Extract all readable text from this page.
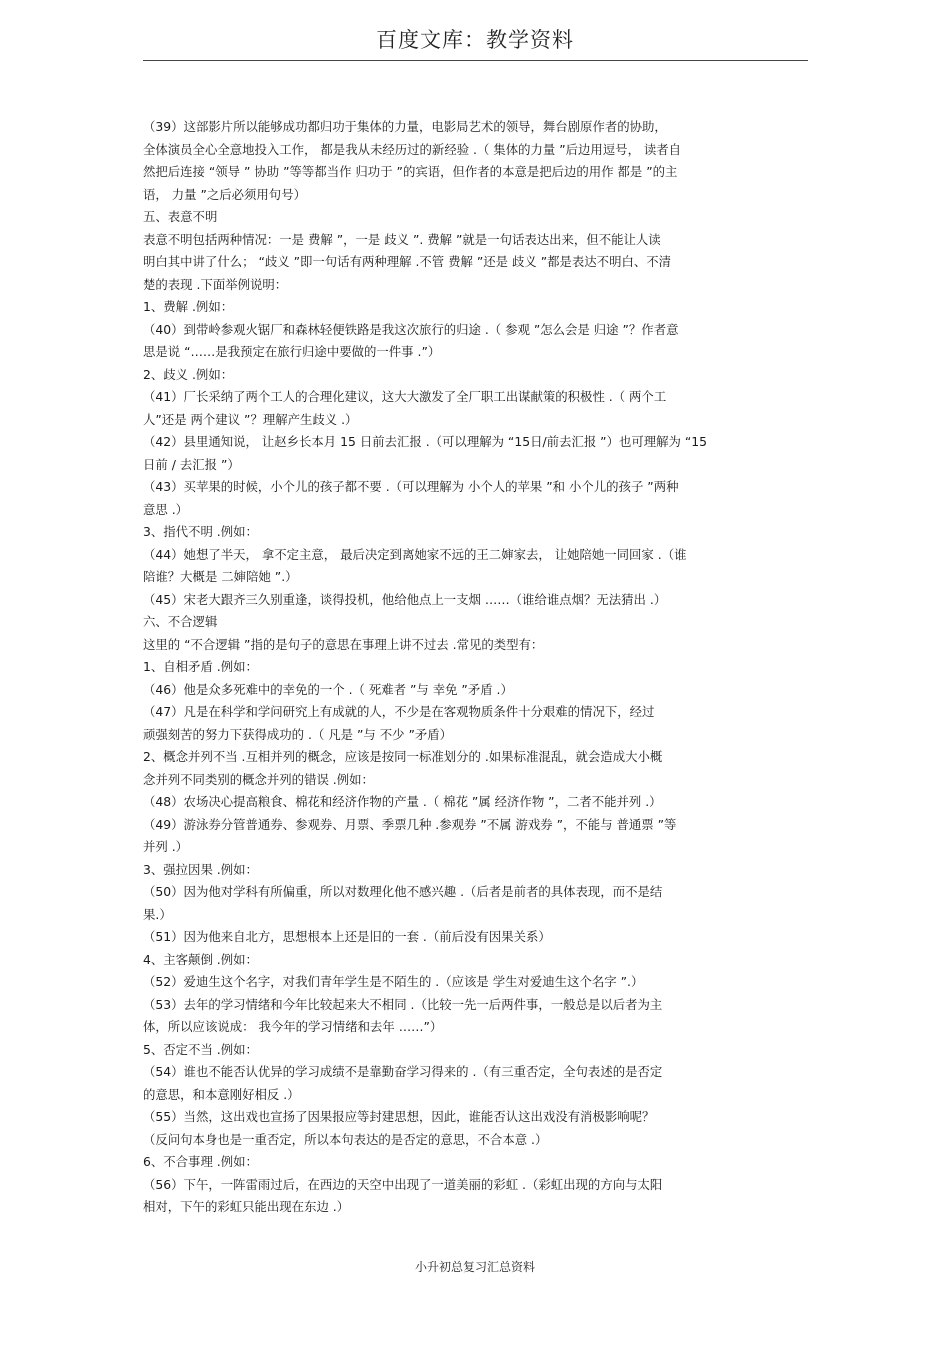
百度文库：教学资料
（39）这部影片所以能够成功都归功于集体的力量，电影局艺术的领导，舞台剧原作者的协助，
全体演员全心全意地投入工作， 都是我从未经历过的新经验 .（ 集体的力量 ”后边用逗号， 读者自
然把后连接 “领导 ” 协助 ”等等都当作 归功于 ”的宾语，但作者的本意是把后边的用作 都是 ”的主
语， 力量 ”之后必须用句号）
五、表意不明
表意不明包括两种情况：一是 费解 ”，一是 歧义 ”. 费解 ”就是一句话表达出来，但不能让人读
明白其中讲了什么； “歧义 ”即一句话有两种理解 .不管 费解 ”还是 歧义 ”都是表达不明白、不清
楚的表现 .下面举例说明：
1、费解 .例如：
（40）到带岭参观火锯厂和森林轻便铁路是我这次旅行的归途 .（ 参观 ”怎么会是 归途 ”？作者意
思是说 “……是我预定在旅行归途中要做的一件事 .”）
2、歧义 .例如：
（41）厂长采纳了两个工人的合理化建议，这大大激发了全厂职工出谋献策的积极性 .（ 两个工
人”还是 两个建议 ”？理解产生歧义 .）
（42）县里通知说， 让赵乡长本月 15 日前去汇报 .（可以理解为 “15日/前去汇报 ”）也可理解为 “15
日前 / 去汇报 ”）
（43）买苹果的时候，小个儿的孩子都不要 .（可以理解为 小个人的苹果 ”和 小个儿的孩子 ”两种
意思 .）
3、指代不明 .例如：
（44）她想了半天， 拿不定主意， 最后决定到离她家不远的王二婶家去， 让她陪她一同回家 .（谁
陪谁？大概是 二婶陪她 ”.）
（45）宋老大跟齐三久别重逢，谈得投机，他给他点上一支烟 ……（谁给谁点烟？无法猜出 .）
六、不合逻辑
这里的 “不合逻辑 ”指的是句子的意思在事理上讲不过去 .常见的类型有：
1、自相矛盾 .例如：
（46）他是众多死难中的幸免的一个 .（ 死难者 ”与 幸免 ”矛盾 .）
（47）凡是在科学和学问研究上有成就的人，不少是在客观物质条件十分艰难的情况下，经过
顽强刻苦的努力下获得成功的 .（ 凡是 ”与 不少 ”矛盾）
2、概念并列不当 .互相并列的概念，应该是按同一标准划分的 .如果标准混乱，就会造成大小概
念并列不同类别的概念并列的错误 .例如：
（48）农场决心提高粮食、棉花和经济作物的产量 .（ 棉花 ”属 经济作物 ”，二者不能并列 .）
（49）游泳券分管普通券、参观券、月票、季票几种 .参观券 ”不属 游戏券 ”，不能与 普通票 ”等
并列 .）
3、强拉因果 .例如：
（50）因为他对学科有所偏重，所以对数理化他不感兴趣 .（后者是前者的具体表现，而不是结
果.）
（51）因为他来自北方，思想根本上还是旧的一套 .（前后没有因果关系）
4、主客颠倒 .例如：
（52）爱迪生这个名字，对我们青年学生是不陌生的 .（应该是 学生对爱迪生这个名字 ”.）
（53）去年的学习情绪和今年比较起来大不相同 .（比较一先一后两件事，一般总是以后者为主
体，所以应该说成： 我今年的学习情绪和去年 ……”）
5、否定不当 .例如：
（54）谁也不能否认优异的学习成绩不是靠勤奋学习得来的 .（有三重否定，全句表述的是否定
的意思，和本意刚好相反 .）
（55）当然，这出戏也宣扬了因果报应等封建思想，因此，谁能否认这出戏没有消极影响呢？
（反问句本身也是一重否定，所以本句表达的是否定的意思，不合本意 .）
6、不合事理 .例如：
（56）下午，一阵雷雨过后，在西边的天空中出现了一道美丽的彩虹 .（彩虹出现的方向与太阳
相对，下午的彩虹只能出现在东边 .）
小升初总复习汇总资料
